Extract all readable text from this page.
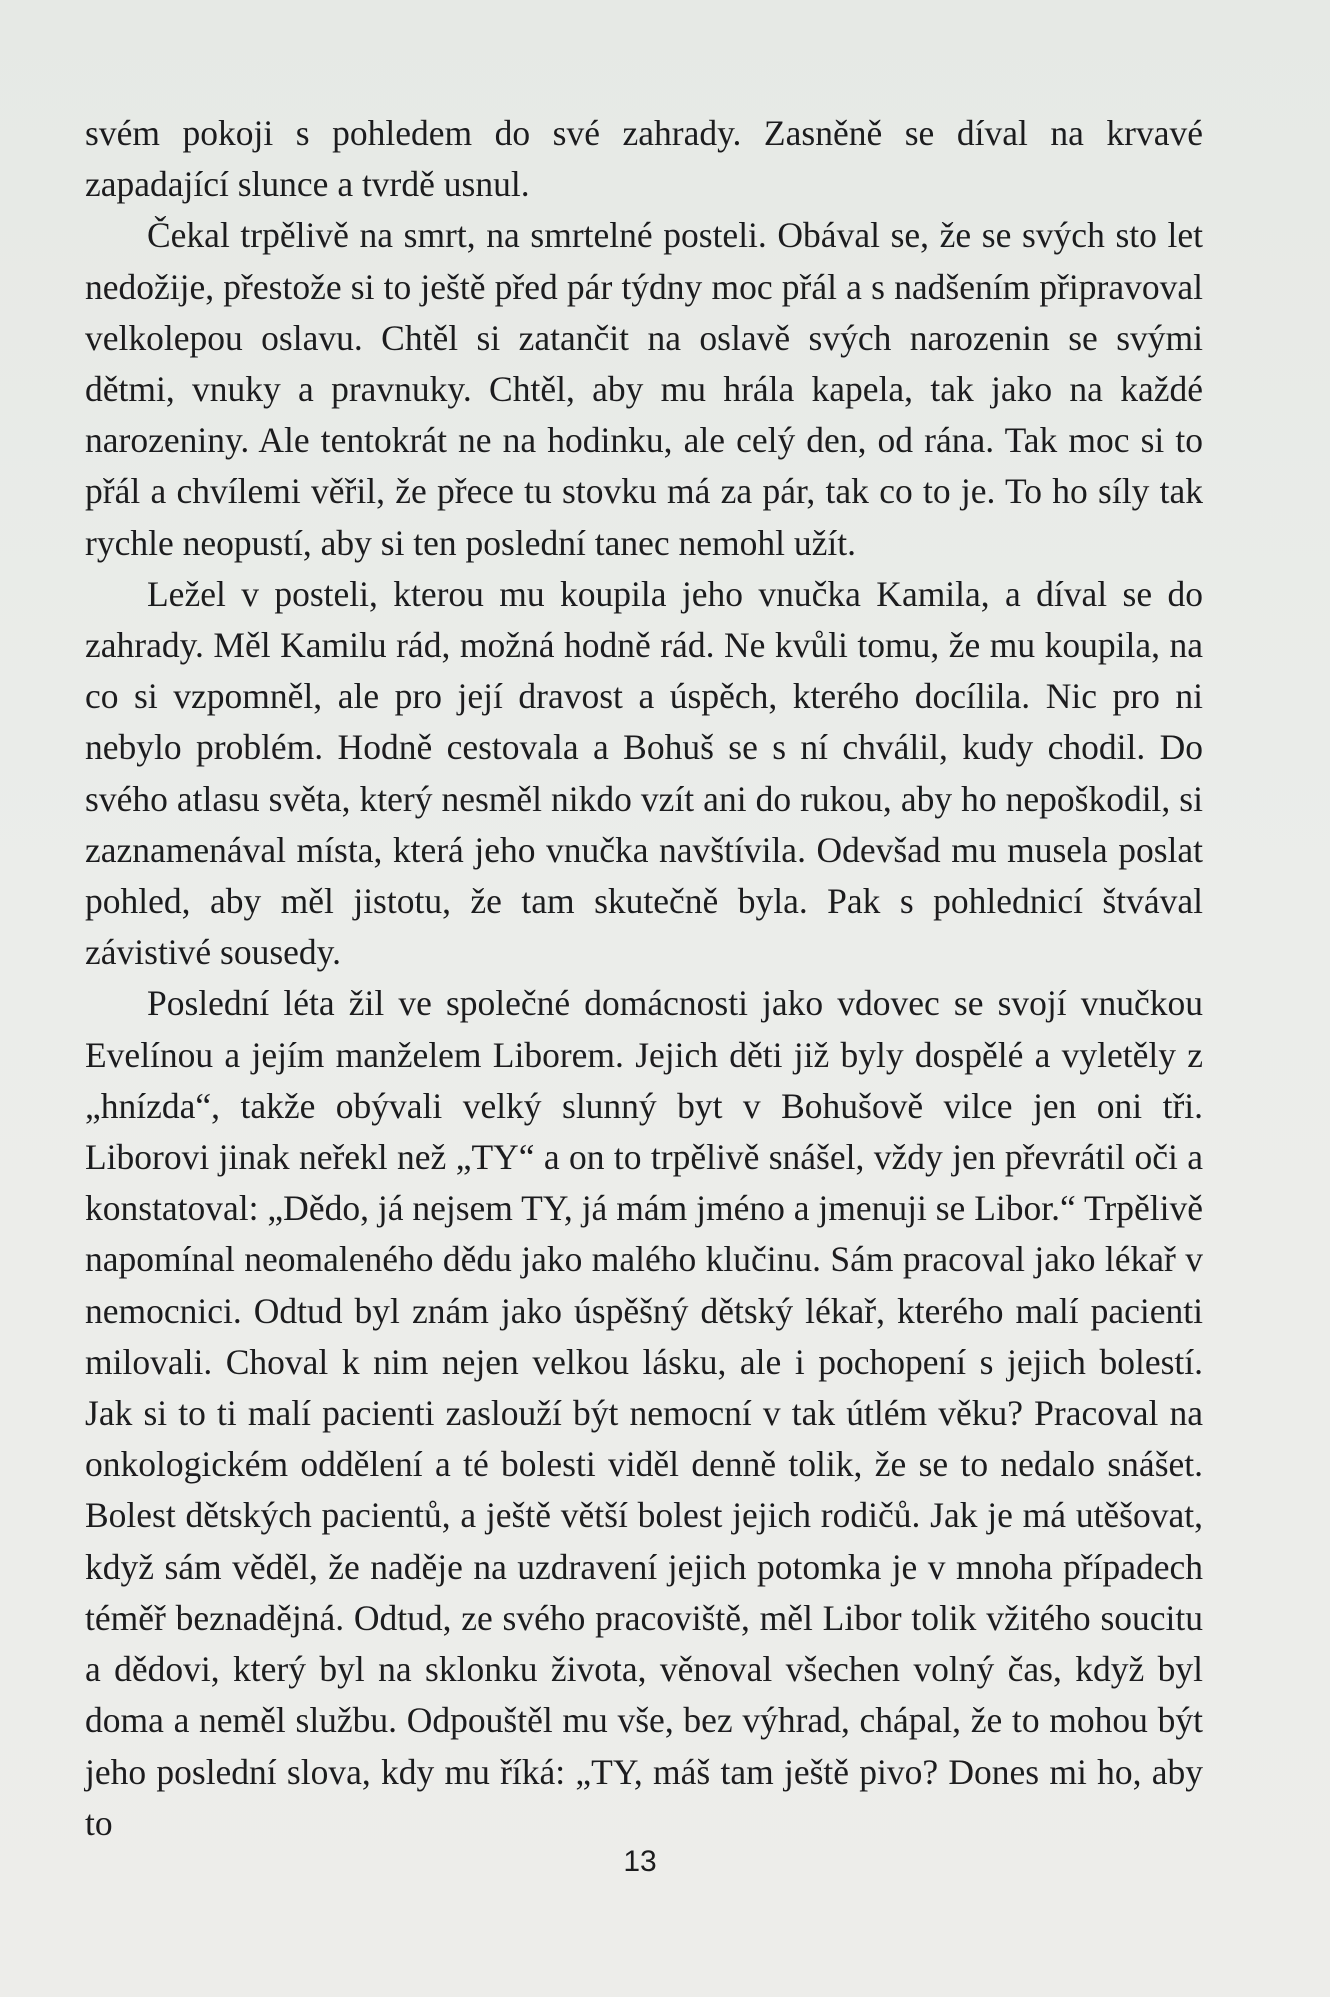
svém pokoji s pohledem do své zahrady. Zasněně se díval na krvavé zapadající slunce a tvrdě usnul.

Čekal trpělivě na smrt, na smrtelné posteli. Obával se, že se svých sto let nedožije, přestože si to ještě před pár týdny moc přál a s nadšením připravoval velkolepou oslavu. Chtěl si zatančit na oslavě svých narozenin se svými dětmi, vnuky a pravnuky. Chtěl, aby mu hrála kapela, tak jako na každé narozeniny. Ale tentokrát ne na hodinku, ale celý den, od rána. Tak moc si to přál a chvílemi věřil, že přece tu stovku má za pár, tak co to je. To ho síly tak rychle neopustí, aby si ten poslední tanec nemohl užít.

Ležel v posteli, kterou mu koupila jeho vnučka Kamila, a díval se do zahrady. Měl Kamilu rád, možná hodně rád. Ne kvůli tomu, že mu koupila, na co si vzpomněl, ale pro její dravost a úspěch, kterého docílila. Nic pro ni nebylo problém. Hodně cestovala a Bohuš se s ní chválil, kudy chodil. Do svého atlasu světa, který nesměl nikdo vzít ani do rukou, aby ho nepoškodil, si zaznamenával místa, která jeho vnučka navštívila. Odevšad mu musela poslat pohled, aby měl jistotu, že tam skutečně byla. Pak s pohlednicí štvával závistivé sousedy.

Poslední léta žil ve společné domácnosti jako vdovec se svojí vnučkou Evelínou a jejím manželem Liborem. Jejich děti již byly dospělé a vyletěly z „hnízda“, takže obývali velký slunný byt v Bohušově vilce jen oni tři. Liborovi jinak neřekl než „TY“ a on to trpělivě snášel, vždy jen převrátil oči a konstatoval: „Dědo, já nejsem TY, já mám jméno a jmenuji se Libor.“ Trpělivě napomínal neomaleného dědu jako malého klučinu. Sám pracoval jako lékař v nemocnici. Odtud byl znám jako úspěšný dětský lékař, kterého malí pacienti milovali. Choval k nim nejen velkou lásku, ale i pochopení s jejich bolestí. Jak si to ti malí pacienti zaslouží být nemocní v tak útlém věku? Pracoval na onkologickém oddělení a té bolesti viděl denně tolik, že se to nedalo snášet. Bolest dětských pacientů, a ještě větší bolest jejich rodičů. Jak je má utěšovat, když sám věděl, že naděje na uzdravení jejich potomka je v mnoha případech téměř beznadějná. Odtud, ze svého pracoviště, měl Libor tolik vžitého soucitu a dědovi, který byl na sklonku života, věnoval všechen volný čas, když byl doma a neměl službu. Odpouštěl mu vše, bez výhrad, chápal, že to mohou být jeho poslední slova, kdy mu říká: „TY, máš tam ještě pivo? Dones mi ho, aby to

13
